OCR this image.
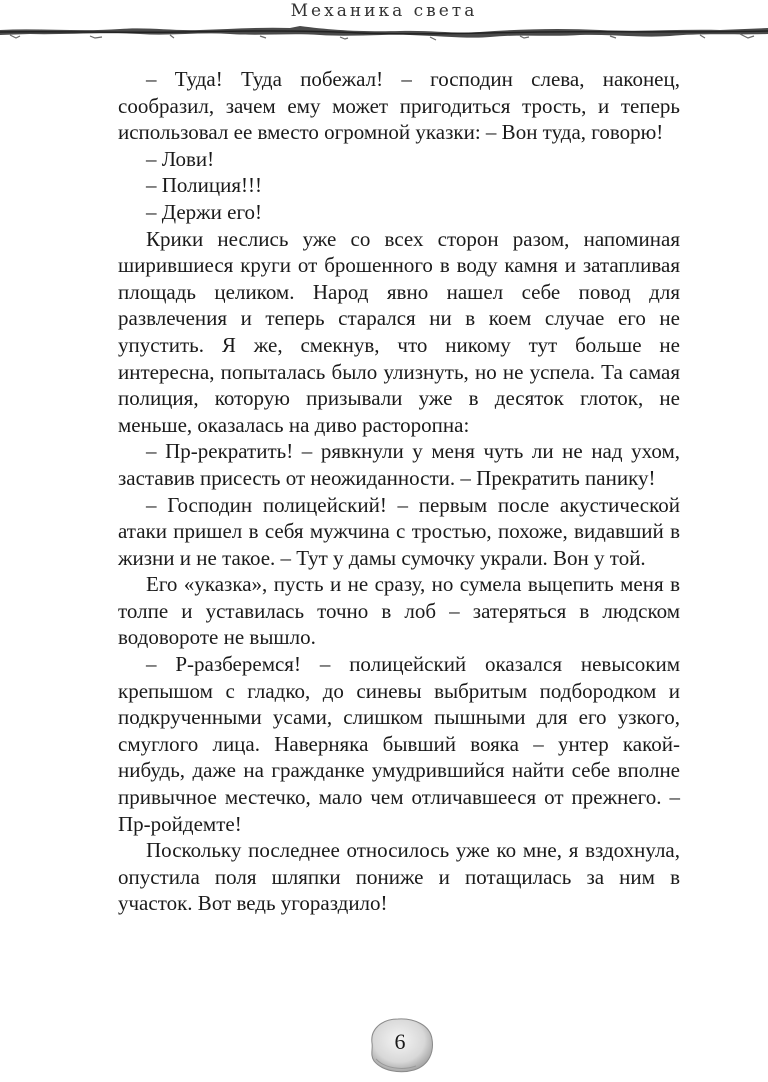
Механика света

– Туда! Туда побежал! – господин слева, наконец, сообразил, зачем ему может пригодиться трость, и теперь использовал ее вместо огромной указки: – Вон туда, говорю!

– Лови!

– Полиция!!!

– Держи его!

Крики неслись уже со всех сторон разом, напоминая ширившиеся круги от брошенного в воду камня и затапливая площадь целиком. Народ явно нашел себе повод для развлечения и теперь старался ни в коем случае его не упустить. Я же, смекнув, что никому тут больше не интересна, попыталась было улизнуть, но не успела. Та самая полиция, которую призывали уже в десяток глоток, не меньше, оказалась на диво расторопна:

– Пр-рекратить! – рявкнули у меня чуть ли не над ухом, заставив присесть от неожиданности. – Прекратить панику!

– Господин полицейский! – первым после акустической атаки пришел в себя мужчина с тростью, похоже, видавший в жизни и не такое. – Тут у дамы сумочку украли. Вон у той.

Его «указка», пусть и не сразу, но сумела выцепить меня в толпе и уставилась точно в лоб – затеряться в людском водовороте не вышло.

– Р-разберемся! – полицейский оказался невысоким крепышом с гладко, до синевы выбритым подбородком и подкрученными усами, слишком пышными для его узкого, смуглого лица. Наверняка бывший вояка – унтер какой-нибудь, даже на гражданке умудрившийся найти себе вполне привычное местечко, мало чем отличавшееся от прежнего. – Пр-ройдемте!

Поскольку последнее относилось уже ко мне, я вздохнула, опустила поля шляпки пониже и потащилась за ним в участок. Вот ведь угораздило!

6
